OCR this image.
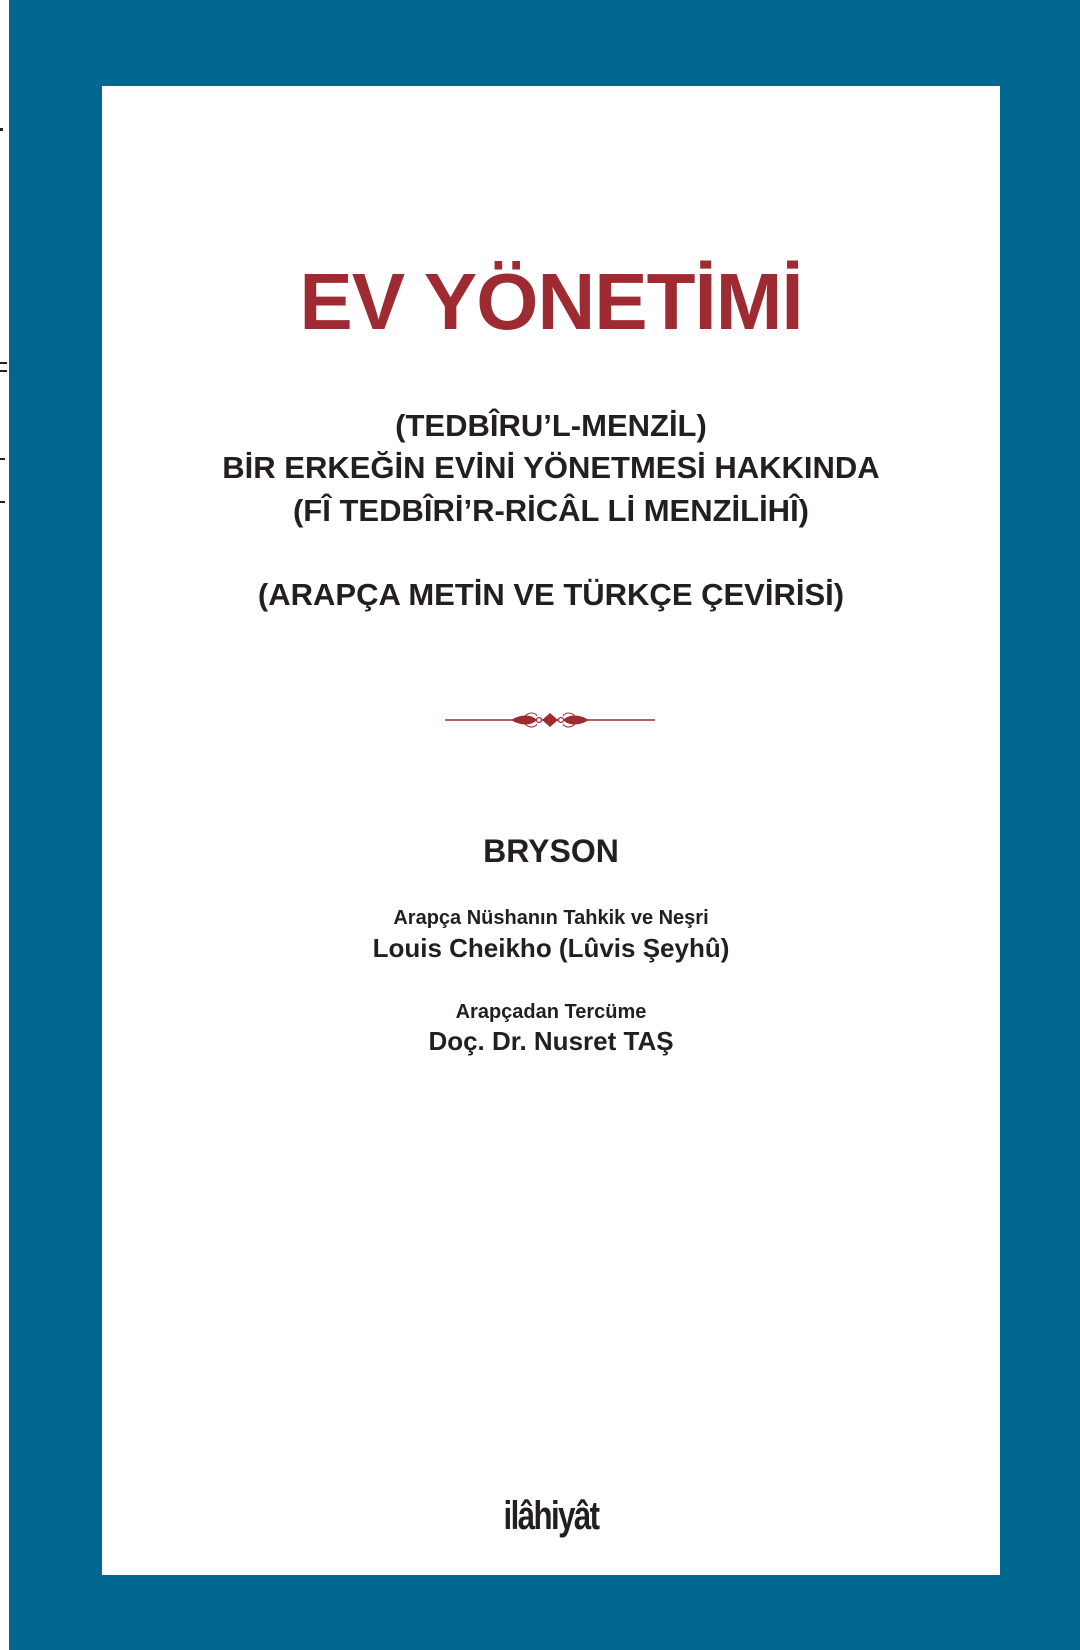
EV YÖNETİMİ

(TEDBÎRU’L-MENZİL)

BİR ERKEĞİN EVİNİ YÖNETMESİ HAKKINDA

(FÎ TEDBÎRİ’R-RİCÂL Lİ MENZİLİHÎ)

(ARAPÇA METİN VE TÜRKÇE ÇEVİRİSİ)

BRYSON

Arapça Nüshanın Tahkik ve Neşri

Louis Cheikho (Lûvis Şeyhû)

Arapçadan Tercüme

Doç. Dr. Nusret TAŞ

ilâhiyât
